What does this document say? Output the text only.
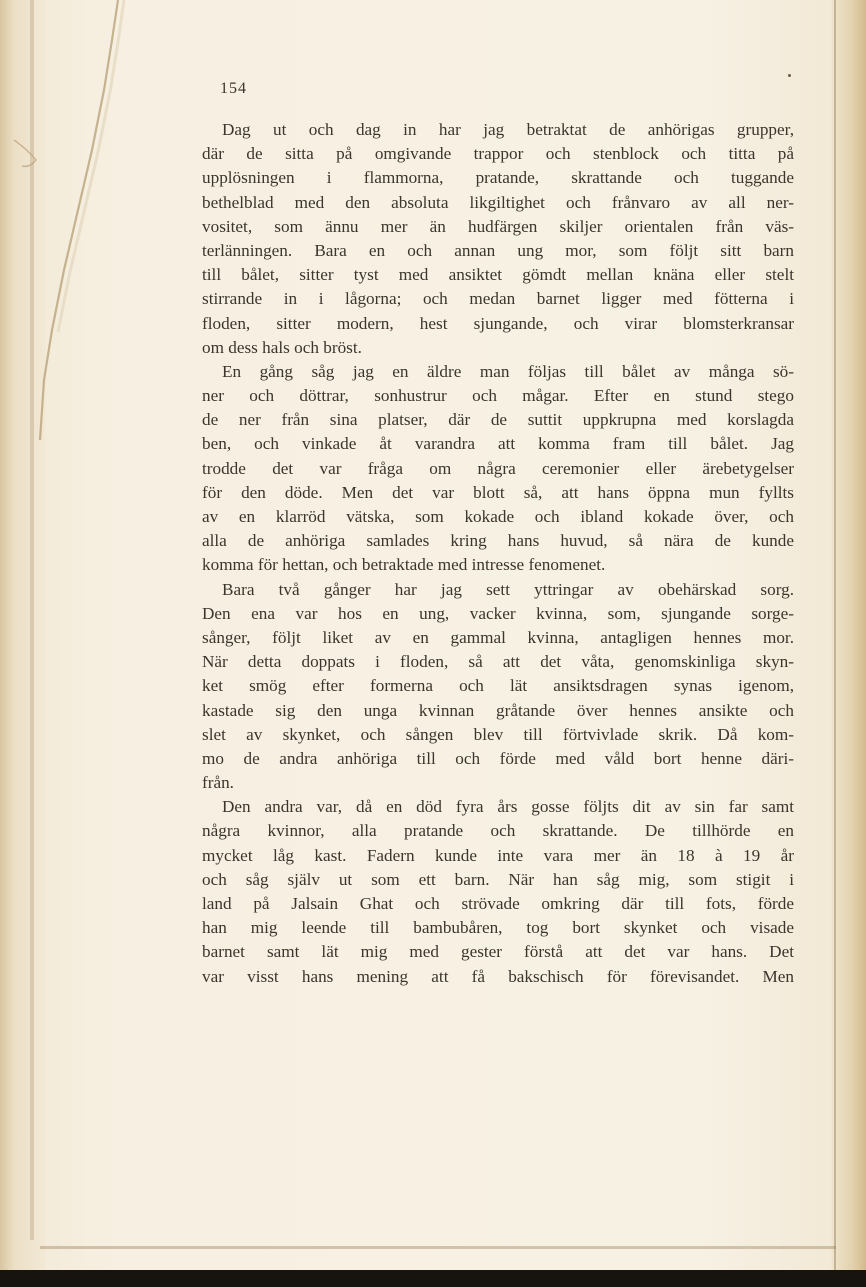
154
Dag ut och dag in har jag betraktat de anhörigas grupper,
där de sitta på omgivande trappor och stenblock och titta på
upplösningen i flammorna, pratande, skrattande och tuggande
bethelblad med den absoluta likgiltighet och frånvaro av all ner-
vositet, som ännu mer än hudfärgen skiljer orientalen från väs-
terlänningen. Bara en och annan ung mor, som följt sitt barn
till bålet, sitter tyst med ansiktet gömdt mellan knäna eller stelt
stirrande in i lågorna; och medan barnet ligger med fötterna i
floden, sitter modern, hest sjungande, och virar blomsterkransar
om dess hals och bröst.
En gång såg jag en äldre man följas till bålet av många sö-
ner och döttrar, sonhustrur och mågar. Efter en stund stego
de ner från sina platser, där de suttit uppkrupna med korslagda
ben, och vinkade åt varandra att komma fram till bålet. Jag
trodde det var fråga om några ceremonier eller ärebetygelser
för den döde. Men det var blott så, att hans öppna mun fyllts
av en klarröd vätska, som kokade och ibland kokade över, och
alla de anhöriga samlades kring hans huvud, så nära de kunde
komma för hettan, och betraktade med intresse fenomenet.
Bara två gånger har jag sett yttringar av obehärskad sorg.
Den ena var hos en ung, vacker kvinna, som, sjungande sorge-
sånger, följt liket av en gammal kvinna, antagligen hennes mor.
När detta doppats i floden, så att det våta, genomskinliga skyn-
ket smög efter formerna och lät ansiktsdragen synas igenom,
kastade sig den unga kvinnan gråtande över hennes ansikte och
slet av skynket, och sången blev till förtvivlade skrik. Då kom-
mo de andra anhöriga till och förde med våld bort henne däri-
från.
Den andra var, då en död fyra års gosse följts dit av sin far samt
några kvinnor, alla pratande och skrattande. De tillhörde en
mycket låg kast. Fadern kunde inte vara mer än 18 à 19 år
och såg själv ut som ett barn. När han såg mig, som stigit i
land på Jalsain Ghat och strövade omkring där till fots, förde
han mig leende till bambubåren, tog bort skynket och visade
barnet samt lät mig med gester förstå att det var hans. Det
var visst hans mening att få bakschisch för förevisandet. Men
